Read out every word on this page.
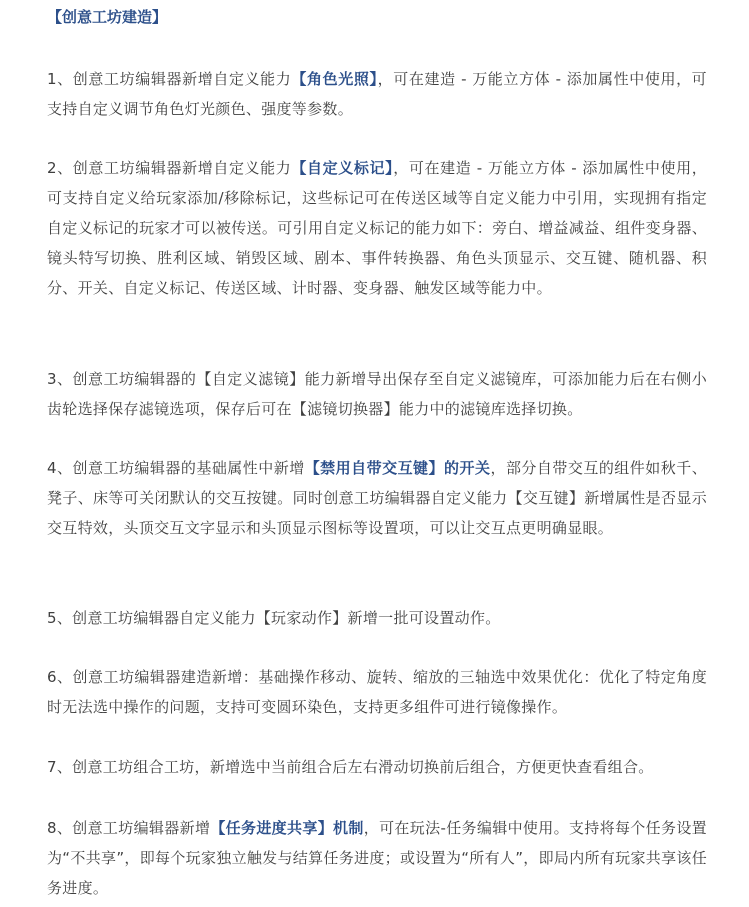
【创意工坊建造】
1、创意工坊编辑器新增自定义能力【角色光照】，可在建造 - 万能立方体 - 添加属性中使用，可支持自定义调节角色灯光颜色、强度等参数。
2、创意工坊编辑器新增自定义能力【自定义标记】，可在建造 - 万能立方体 - 添加属性中使用，可支持自定义给玩家添加/移除标记，这些标记可在传送区域等自定义能力中引用，实现拥有指定自定义标记的玩家才可以被传送。可引用自定义标记的能力如下：旁白、增益减益、组件变身器、镜头特写切换、胜利区域、销毁区域、剧本、事件转换器、角色头顶显示、交互键、随机器、积分、开关、自定义标记、传送区域、计时器、变身器、触发区域等能力中。
3、创意工坊编辑器的【自定义滤镜】能力新增导出保存至自定义滤镜库，可添加能力后在右侧小齿轮选择保存滤镜选项，保存后可在【滤镜切换器】能力中的滤镜库选择切换。
4、创意工坊编辑器的基础属性中新增【禁用自带交互键】的开关，部分自带交互的组件如秋千、凳子、床等可关闭默认的交互按键。同时创意工坊编辑器自定义能力【交互键】新增属性是否显示交互特效，头顶交互文字显示和头顶显示图标等设置项，可以让交互点更明确显眼。
5、创意工坊编辑器自定义能力【玩家动作】新增一批可设置动作。
6、创意工坊编辑器建造新增：基础操作移动、旋转、缩放的三轴选中效果优化：优化了特定角度时无法选中操作的问题，支持可变圆环染色，支持更多组件可进行镜像操作。
7、创意工坊组合工坊，新增选中当前组合后左右滑动切换前后组合，方便更快查看组合。
8、创意工坊编辑器新增【任务进度共享】机制，可在玩法-任务编辑中使用。支持将每个任务设置为“不共享”，即每个玩家独立触发与结算任务进度；或设置为“所有人”，即局内所有玩家共享该任务进度。
